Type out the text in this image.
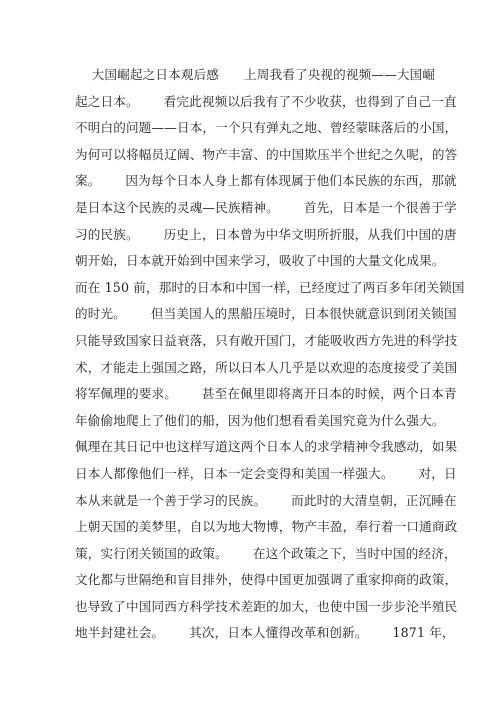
大国崛起之日本观后感      上周我看了央视的视频——大国崛
起之日本。      看完此视频以后我有了不少收获，也得到了自己一直
不明白的问题——日本，一个只有弹丸之地、曾经蒙昧落后的小国，
为何可以将幅员辽阔、物产丰富、的中国欺压半个世纪之久呢，的答
案。      因为每个日本人身上都有体现属于他们本民族的东西，那就
是日本这个民族的灵魂—民族精神。      首先，日本是一个很善于学
习的民族。      历史上，日本曾为中华文明所折服，从我们中国的唐
朝开始，日本就开始到中国来学习，吸收了中国的大量文化成果。
而在 150 前，那时的日本和中国一样，已经度过了两百多年闭关锁国
的时光。      但当美国人的黑船压境时，日本很快就意识到闭关锁国
只能导致国家日益衰落，只有敞开国门，才能吸收西方先进的科学技
术，才能走上强国之路，所以日本人几乎是以欢迎的态度接受了美国
将军佩理的要求。      甚至在佩里即将离开日本的时候，两个日本青
年偷偷地爬上了他们的船，因为他们想看看美国究竟为什么强大。
佩理在其日记中也这样写道这两个日本人的求学精神令我感动，如果
日本人都像他们一样，日本一定会变得和美国一样强大。      对，日
本从来就是一个善于学习的民族。      而此时的大清皇朝，正沉睡在
上朝天国的美梦里，自以为地大物博，物产丰盈，奉行着一口通商政
策，实行闭关锁国的政策。      在这个政策之下，当时中国的经济，
文化都与世隔绝和盲目排外，使得中国更加强调了重家抑商的政策，
也导致了中国同西方科学技术差距的加大，也使中国一步步沦半殖民
地半封建社会。      其次，日本人懂得改革和创新。      1871 年，
